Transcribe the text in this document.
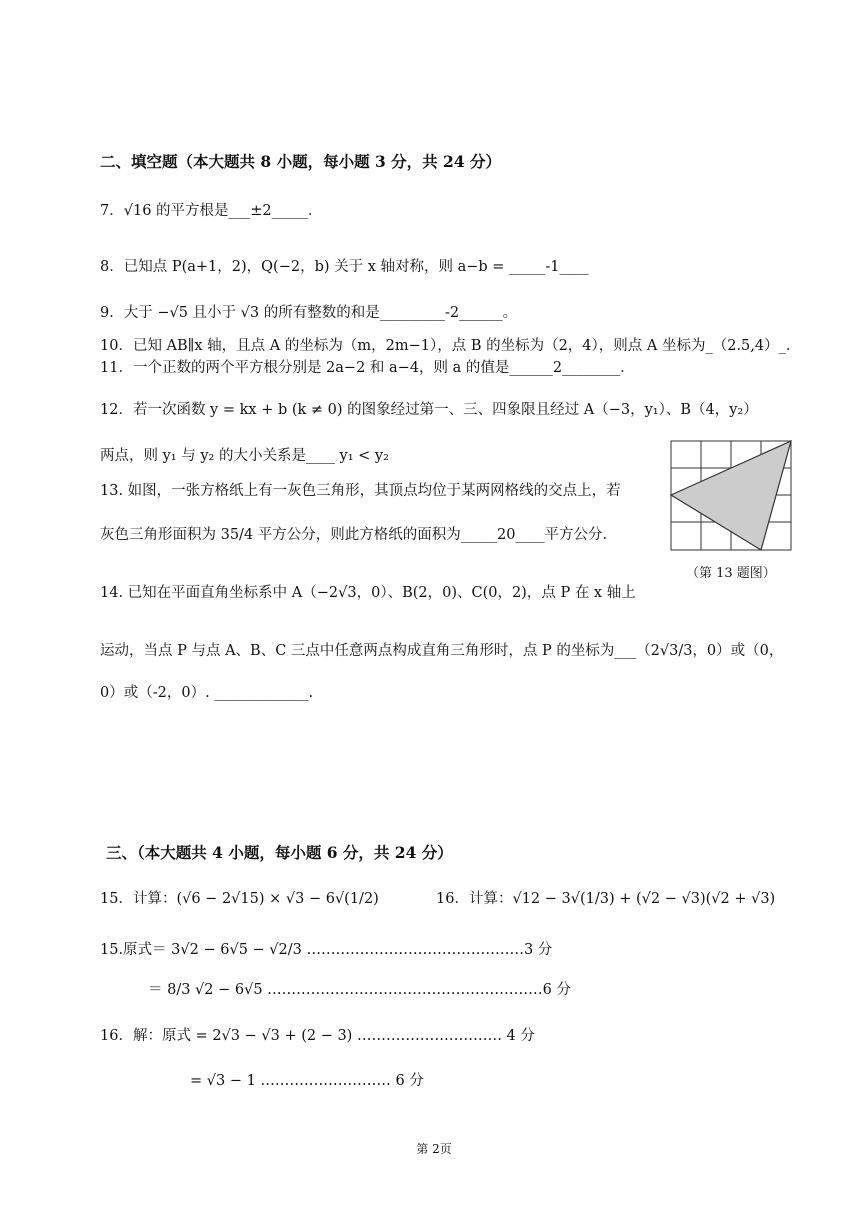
二、填空题（本大题共 8 小题，每小题 3 分，共 24 分）
7．√16 的平方根是___±2_____．
8．已知点 P(a+1，2)，Q(−2，b) 关于 x 轴对称，则 a−b = _____-1____
9．大于 −√5 且小于 √3 的所有整数的和是_________-2______。
10．已知 AB∥x 轴，且点 A 的坐标为（m，2m−1），点 B 的坐标为（2，4），则点 A 坐标为_（2.5,4）_．
11．一个正数的两个平方根分别是 2a−2 和 a−4，则 a 的值是______2________．
12．若一次函数 y = kx + b (k ≠ 0) 的图象经过第一、三、四象限且经过 A（−3，y₁）、B（4，y₂）
两点，则 y₁ 与 y₂ 的大小关系是____ y₁ < y₂
13. 如图，一张方格纸上有一灰色三角形，其顶点均位于某两网格线的交点上，若
灰色三角形面积为 35/4 平方公分，则此方格纸的面积为_____20____平方公分.
（第 13 题图）
14. 已知在平面直角坐标系中 A（−2√3，0）、B(2，0)、C(0，2)，点 P 在 x 轴上
运动，当点 P 与点 A、B、C 三点中任意两点构成直角三角形时，点 P 的坐标为___（2√3/3，0）或（0，
0）或（-2，0）. _____________.
三、（本大题共 4 小题，每小题 6 分，共 24 分）
15．计算：(√6 − 2√15) × √3 − 6√(1/2)	16．计算：√12 − 3√(1/3) + (√2 − √3)(√2 + √3)
15.原式＝ 3√2 − 6√5 − √2/3 ………………………………………3 分
＝ 8/3 √2 − 6√5 …………………………………………………6 分
16．解：原式 = 2√3 − √3 + (2 − 3) ………………………… 4 分
= √3 − 1 ……………………… 6 分
第 2页
